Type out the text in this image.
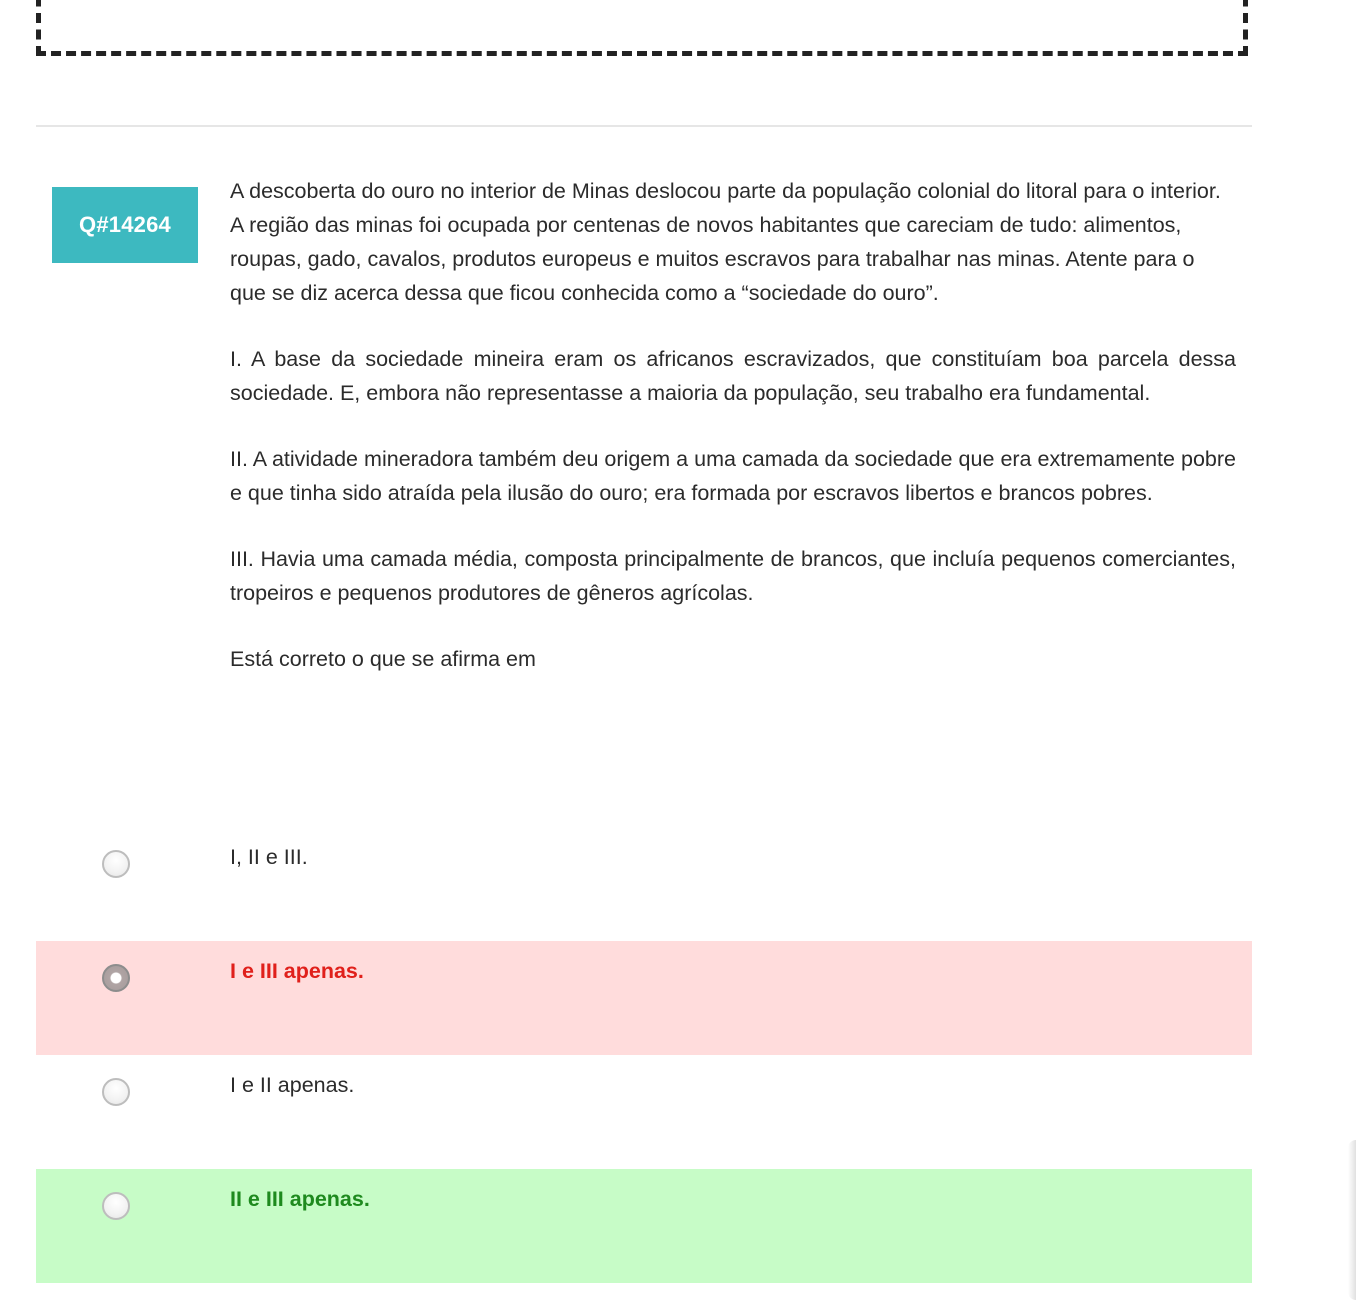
Q#14264

A descoberta do ouro no interior de Minas deslocou parte da população colonial do litoral para o interior. A região das minas foi ocupada por centenas de novos habitantes que careciam de tudo: alimentos, roupas, gado, cavalos, produtos europeus e muitos escravos para trabalhar nas minas. Atente para o que se diz acerca dessa que ficou conhecida como a “sociedade do ouro”.

I. A base da sociedade mineira eram os africanos escravizados, que constituíam boa parcela dessa sociedade. E, embora não representasse a maioria da população, seu trabalho era fundamental.

II. A atividade mineradora também deu origem a uma camada da sociedade que era extremamente pobre e que tinha sido atraída pela ilusão do ouro; era formada por escravos libertos e brancos pobres.

III. Havia uma camada média, composta principalmente de brancos, que incluía pequenos comerciantes, tropeiros e pequenos produtores de gêneros agrícolas.

Está correto o que se afirma em

I, II e III.
I e III apenas.
I e II apenas.
II e III apenas.
